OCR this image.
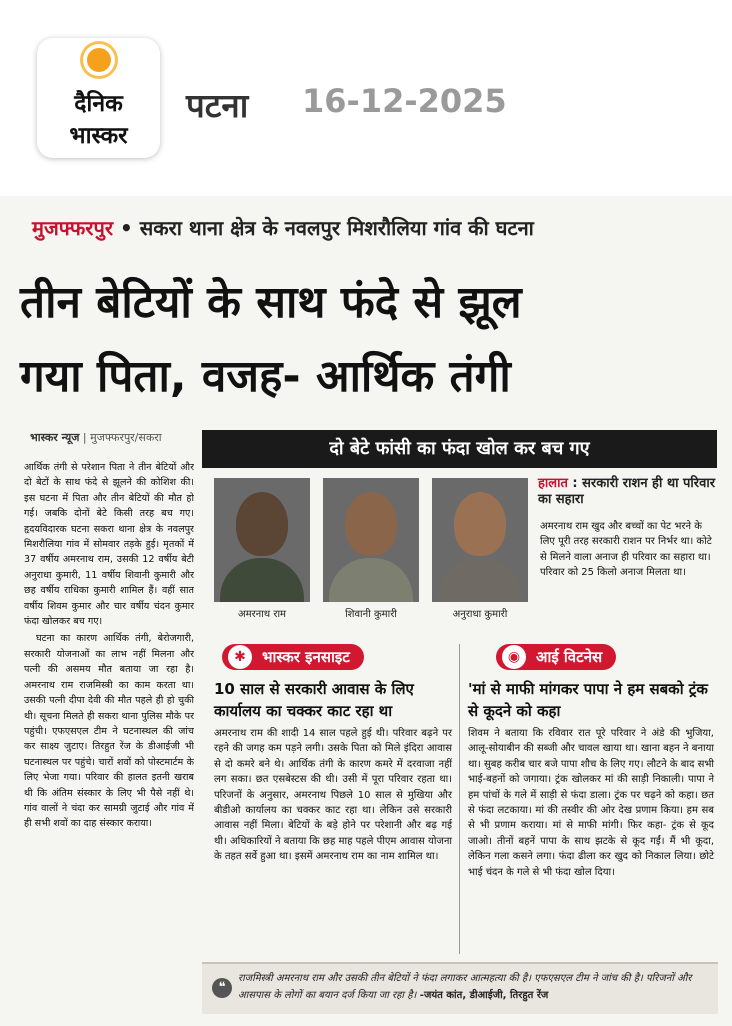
दैनिक
भास्कर
पटना 16-12-2025
मुजफ्फरपुर • सकरा थाना क्षेत्र के नवलपुर मिशरौलिया गांव की घटना
तीन बेटियों के साथ फंदे से झूल
गया पिता, वजह- आर्थिक तंगी
भास्कर न्यूज | मुजफ्फरपुर/सकरा

आर्थिक तंगी से परेशान पिता ने तीन बेटियों और दो बेटों के साथ फंदे से झूलने की कोशिश की। इस घटना में पिता और तीन बेटियों की मौत हो गई। जबकि दोनों बेटे किसी तरह बच गए। हृदयविदारक घटना सकरा थाना क्षेत्र के नवलपुर मिशरौलिया गांव में सोमवार तड़के हुई। मृतकों में 37 वर्षीय अमरनाथ राम, उसकी 12 वर्षीय बेटी अनुराधा कुमारी, 11 वर्षीय शिवानी कुमारी और छह वर्षीय राधिका कुमारी शामिल हैं। वहीं सात वर्षीय शिवम कुमार और चार वर्षीय चंदन कुमार फंदा खोलकर बच गए।

घटना का कारण आर्थिक तंगी, बेरोजगारी, सरकारी योजनाओं का लाभ नहीं मिलना और पत्नी की असमय मौत बताया जा रहा है। अमरनाथ राम राजमिस्त्री का काम करता था। उसकी पत्नी दीपा देवी की मौत पहले ही हो चुकी थी। सूचना मिलते ही सकरा थाना पुलिस मौके पर पहुंची। एफएसएल टीम ने घटनास्थल की जांच कर साक्ष्य जुटाए। तिरहुत रेंज के डीआईजी भी घटनास्थल पर पहुंचे। चारों शवों को पोस्टमार्टम के लिए भेजा गया। परिवार की हालत इतनी खराब थी कि अंतिम संस्कार के लिए भी पैसे नहीं थे। गांव वालों ने चंदा कर सामग्री जुटाई और गांव में ही सभी शवों का दाह संस्कार कराया।

दो बेटे फांसी का फंदा खोल कर बच गए
अमरनाथ राम	शिवानी कुमारी	अनुराधा कुमारी
हालात : सरकारी राशन ही था परिवार का सहारा
अमरनाथ राम खुद और बच्चों का पेट भरने के लिए पूरी तरह सरकारी राशन पर निर्भर था। कोटे से मिलने वाला अनाज ही परिवार का सहारा था। परिवार को 25 किलो अनाज मिलता था।
✱	भास्कर इनसाइट
10 साल से सरकारी आवास के लिए कार्यालय का चक्कर काट रहा था
अमरनाथ राम की शादी 14 साल पहले हुई थी। परिवार बढ़ने पर रहने की जगह कम पड़ने लगी। उसके पिता को मिले इंदिरा आवास से दो कमरे बने थे। आर्थिक तंगी के कारण कमरे में दरवाजा नहीं लग सका। छत एसबेस्टस की थी। उसी में पूरा परिवार रहता था। परिजनों के अनुसार, अमरनाथ पिछले 10 साल से मुखिया और बीडीओ कार्यालय का चक्कर काट रहा था। लेकिन उसे सरकारी आवास नहीं मिला। बेटियों के बड़े होने पर परेशानी और बढ़ गई थी। अधिकारियों ने बताया कि छह माह पहले पीएम आवास योजना के तहत सर्वे हुआ था। इसमें अमरनाथ राम का नाम शामिल था।
◉	आई विटनेस
'मां से माफी मांगकर पापा ने हम सबको ट्रंक से कूदने को कहा
शिवम ने बताया कि रविवार रात पूरे परिवार ने अंडे की भुजिया, आलू-सोयाबीन की सब्जी और चावल खाया था। खाना बहन ने बनाया था। सुबह करीब चार बजे पापा शौच के लिए गए। लौटने के बाद सभी भाई-बहनों को जगाया। ट्रंक खोलकर मां की साड़ी निकाली। पापा ने हम पांचों के गले में साड़ी से फंदा डाला। ट्रंक पर चढ़ने को कहा। छत से फंदा लटकाया। मां की तस्वीर की ओर देख प्रणाम किया। हम सब से भी प्रणाम कराया। मां से माफी मांगी। फिर कहा- ट्रंक से कूद जाओ। तीनों बहनें पापा के साथ झटके से कूद गईं। मैं भी कूदा, लेकिन गला कसने लगा। फंदा ढीला कर खुद को निकाल लिया। छोटे भाई चंदन के गले से भी फंदा खोल दिया।
❝
राजमिस्त्री अमरनाथ राम और उसकी तीन बेटियों ने फंदा लगाकर आत्महत्या की है। एफएसएल टीम ने जांच की है। परिजनों और आसपास के लोगों का बयान दर्ज किया जा रहा है। -जयंत कांत, डीआईजी, तिरहुत रेंज
